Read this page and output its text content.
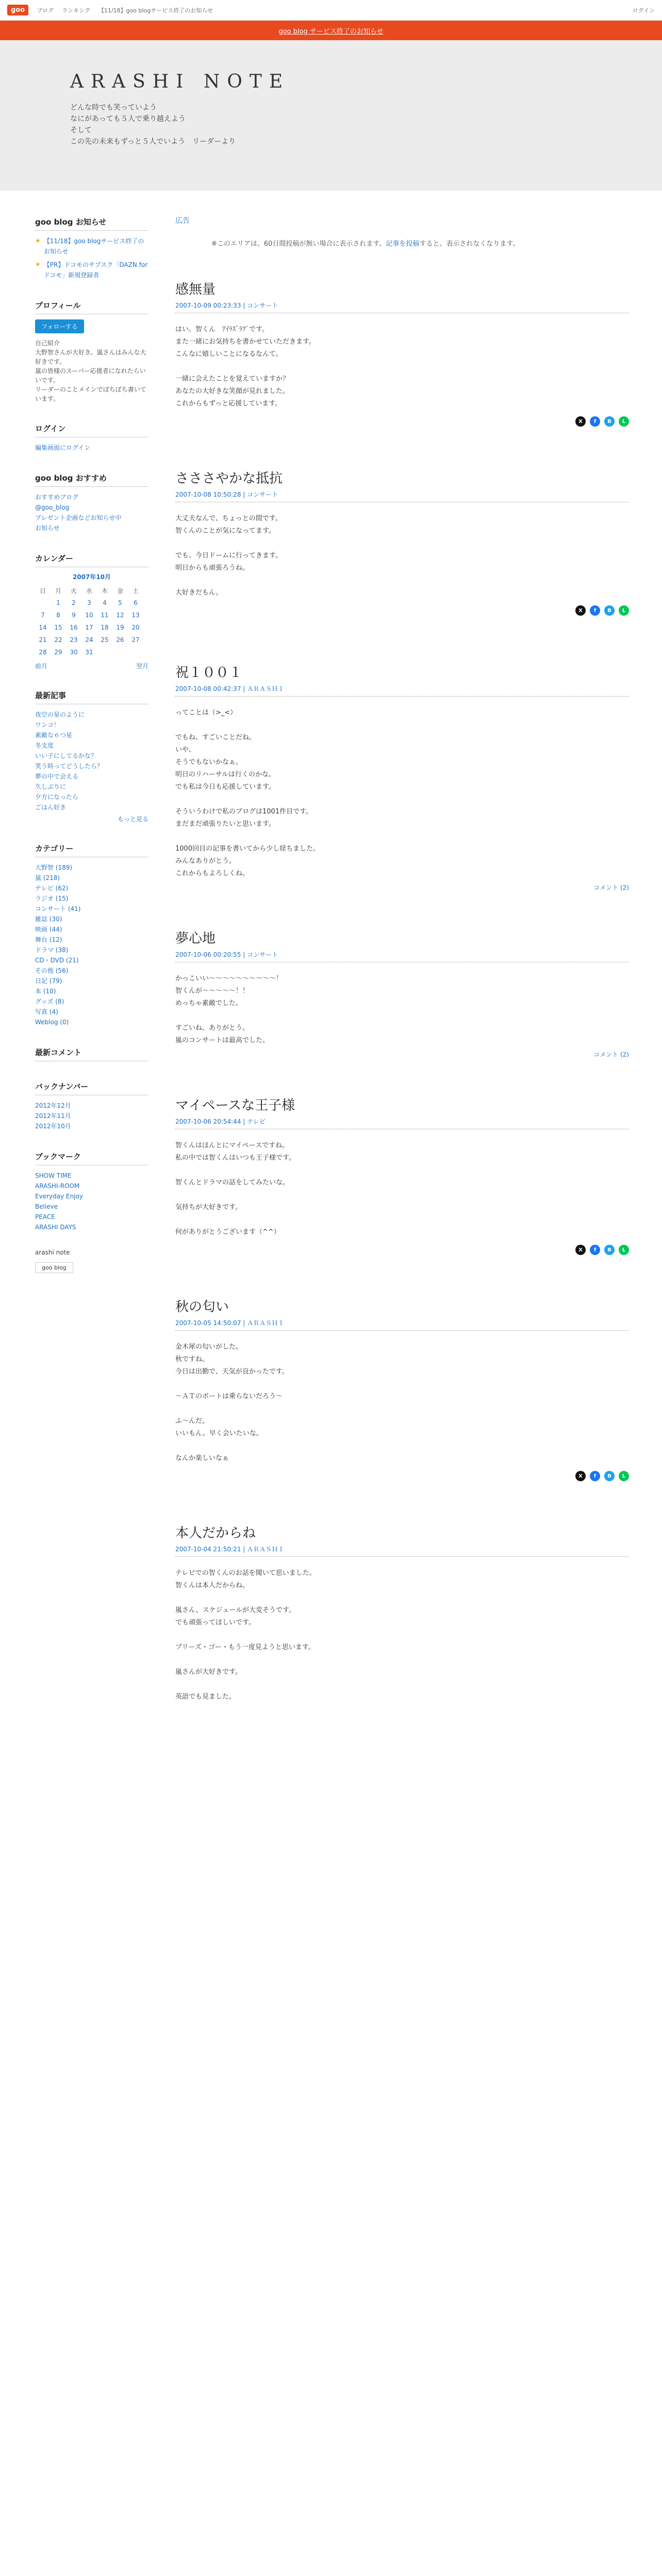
goo	ブログ ランキング 【11/18】goo blogサービス終了のお知らせ	ログイン
goo blog サービス終了のお知らせ
ARASHI NOTE
どんな時でも笑っていよう
なにがあっても５人で乗り越えよう
そして
この先の未来もずっと５人でいよう　リーダーより
goo blog お知らせ
★ 【11/18】goo blogサービス終了のお知らせ
★ 【PR】ドコモのサブスク「DAZN for ドコモ」新規登録者
プロフィール
フォローする
自己紹介
大野智さんが大好き。嵐さんはみんな大好きです。
嵐の皆様のスーパー応援者になれたらいいです。
リーダーのことメインでぼちぼち書いています。
ログイン
編集画面にログイン
goo blog おすすめ
おすすめブログ
@goo_blog
プレゼント企画などお知らせ中
お知らせ
カレンダー
2007年10月
日	月	火	水	木	金	土
	1	2	3	4	5	6
7	8	9	10	11	12	13
14	15	16	17	18	19	20
21	22	23	24	25	26	27
28	29	30	31			
前月	翌月
最新記事
夜空の星のように
ワンコ！
素敵な６つ星
冬支度
いい子にしてるかな？
笑う時ってどうしたら？
夢の中で会える
久しぶりに
夕方になったら
ごはん好き
もっと見る
カテゴリー
大野智 (189)
嵐 (218)
テレビ (62)
ラジオ (15)
コンサート (41)
雑誌 (30)
映画 (44)
舞台 (12)
ドラマ (38)
CD・DVD (21)
その他 (56)
日記 (79)
本 (10)
グッズ (8)
写真 (4)
Weblog (0)
最新コメント
バックナンバー
2012年12月
2012年11月
2012年10月
ブックマーク
SHOW TIME
ARASHI-ROOM
Everyday Enjoy
Believe
PEACE
ARASHI DAYS
arashi note
goo blog
広告
※このエリアは、60日間投稿が無い場合に表示されます。記事を投稿すると、表示されなくなります。
感無量
2007-10-09 00:23:33 | コンサート
はい。智くん　ｱｲﾗｽﾞﾗﾌﾞです。
また一緒にお気持ちを書かせていただきます。
こんなに嬉しいことになるなんて。

一緒に会えたことを覚えていますか？
あなたの大好きな笑顔が見れました。
これからもずっと応援しています。
X	f	B	L
さささやかな抵抗
2007-10-08 10:50:28 | コンサート
大丈夫なんで、ちょっとの間です。
智くんのことが気になってます。

でも、今日ドームに行ってきます。
明日からも頑張ろうね。

大好きだもん。
X	f	B	L
祝１００１
2007-10-08 00:42:37 | ＡＲＡＳＨＩ
ってことは（>_<）

でもね、すごいことだね。
いや、
そうでもないかなぁ。
明日のリハーサルは行くのかな。
でも私は今日も応援しています。

そういうわけで私のブログは1001件目です。
まだまだ頑張りたいと思います。

1000回目の記事を書いてから少し経ちました。
みんなありがとう。
これからもよろしくね。
コメント (2)
夢心地
2007-10-06 00:20:55 | コンサート
かっこいい〜〜〜〜〜〜〜〜〜〜！
智くんが〜〜〜〜〜！！
めっちゃ素敵でした。

すごいね、ありがとう。
嵐のコンサートは最高でした。
コメント (2)
マイペースな王子様
2007-10-06 20:54:44 | テレビ
智くんはほんとにマイペースですね。
私の中では智くんはいつも王子様です。

智くんとドラマの話をしてみたいな。

気持ちが大好きです。

何がありがとうございます（^^）
X	f	B	L
秋の匂い
2007-10-05 14:50:07 | ＡＲＡＳＨＩ
金木犀の匂いがした。
秋ですね。
今日は出勤で、天気が良かったです。

〜ＡＴのボートは乗らないだろう〜

ふ〜んだ。
いいもん。早く会いたいな。

なんか楽しいなぁ
X	f	B	L
本人だからね
2007-10-04 21:50:21 | ＡＲＡＳＨＩ
テレビでの智くんのお話を聞いて思いました。
智くんは本人だからね。

嵐さん、スケジュールが大変そうです。
でも頑張ってほしいです。

プリーズ・ゴー・もう一度見ようと思います。

嵐さんが大好きです。

英語でも見ました。
